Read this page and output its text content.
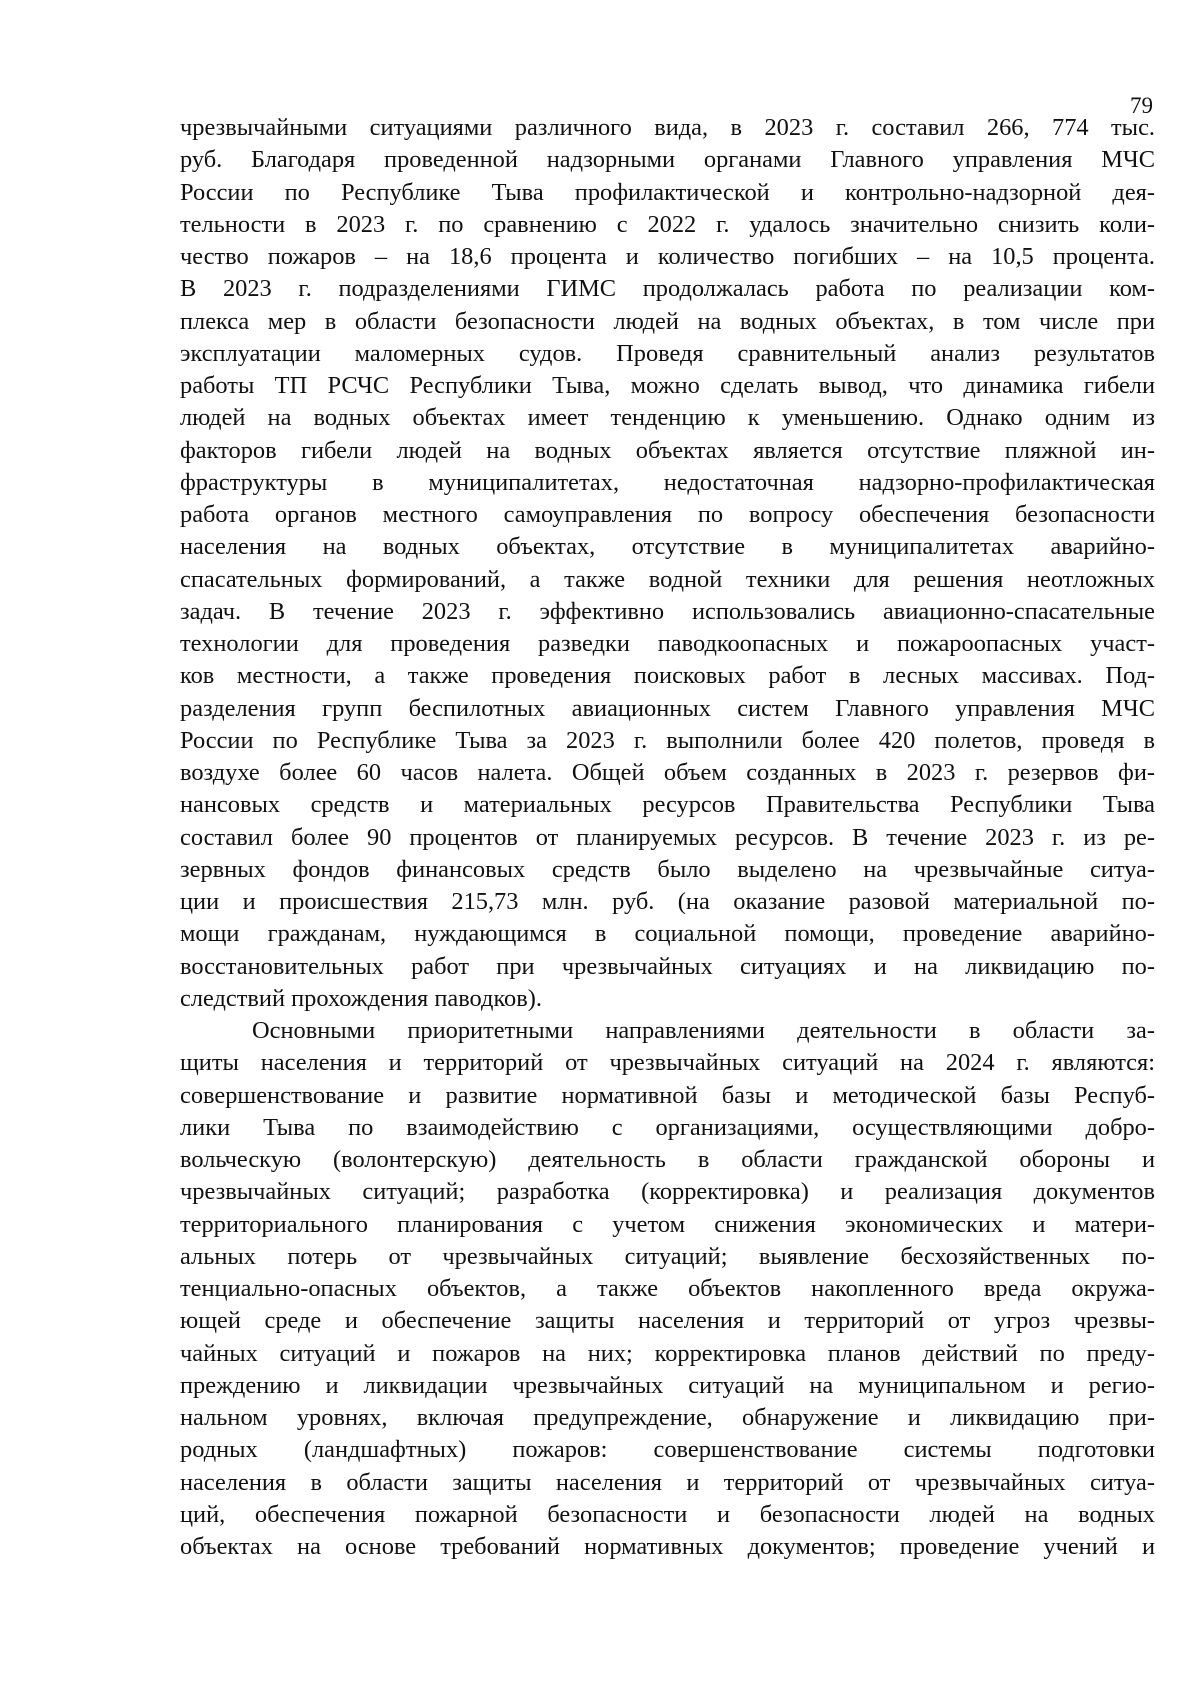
79
чрезвычайными ситуациями различного вида, в 2023 г. составил 266, 774 тыс.
руб. Благодаря проведенной надзорными органами Главного управления МЧС
России по Республике Тыва профилактической и контрольно-надзорной дея-
тельности в 2023 г. по сравнению с 2022 г. удалось значительно снизить коли-
чество пожаров – на 18,6 процента и количество погибших – на 10,5 процента.
В 2023 г. подразделениями ГИМС продолжалась работа по реализации ком-
плекса мер в области безопасности людей на водных объектах, в том числе при
эксплуатации маломерных судов. Проведя сравнительный анализ результатов
работы ТП РСЧС Республики Тыва, можно сделать вывод, что динамика гибели
людей на водных объектах имеет тенденцию к уменьшению. Однако одним из
факторов гибели людей на водных объектах является отсутствие пляжной ин-
фраструктуры в муниципалитетах, недостаточная надзорно-профилактическая
работа органов местного самоуправления по вопросу обеспечения безопасности
населения на водных объектах, отсутствие в муниципалитетах аварийно-
спасательных формирований, а также водной техники для решения неотложных
задач. В течение 2023 г. эффективно использовались авиационно-спасательные
технологии для проведения разведки паводкоопасных и пожароопасных участ-
ков местности, а также проведения поисковых работ в лесных массивах. Под-
разделения групп беспилотных авиационных систем Главного управления МЧС
России по Республике Тыва за 2023 г. выполнили более 420 полетов, проведя в
воздухе более 60 часов налета. Общей объем созданных в 2023 г. резервов фи-
нансовых средств и материальных ресурсов Правительства Республики Тыва
составил более 90 процентов от планируемых ресурсов. В течение 2023 г. из ре-
зервных фондов финансовых средств было выделено на чрезвычайные ситуа-
ции и происшествия 215,73 млн. руб. (на оказание разовой материальной по-
мощи гражданам, нуждающимся в социальной помощи, проведение аварийно-
восстановительных работ при чрезвычайных ситуациях и на ликвидацию по-
следствий прохождения паводков).
Основными приоритетными направлениями деятельности в области за-
щиты населения и территорий от чрезвычайных ситуаций на 2024 г. являются:
совершенствование и развитие нормативной базы и методической базы Респуб-
лики Тыва по взаимодействию с организациями, осуществляющими добро-
вольческую (волонтерскую) деятельность в области гражданской обороны и
чрезвычайных ситуаций; разработка (корректировка) и реализация документов
территориального планирования с учетом снижения экономических и матери-
альных потерь от чрезвычайных ситуаций; выявление бесхозяйственных по-
тенциально-опасных объектов, а также объектов накопленного вреда окружа-
ющей среде и обеспечение защиты населения и территорий от угроз чрезвы-
чайных ситуаций и пожаров на них; корректировка планов действий по преду-
преждению и ликвидации чрезвычайных ситуаций на муниципальном и регио-
нальном уровнях, включая предупреждение, обнаружение и ликвидацию при-
родных (ландшафтных) пожаров: совершенствование системы подготовки
населения в области защиты населения и территорий от чрезвычайных ситуа-
ций, обеспечения пожарной безопасности и безопасности людей на водных
объектах на основе требований нормативных документов; проведение учений и
